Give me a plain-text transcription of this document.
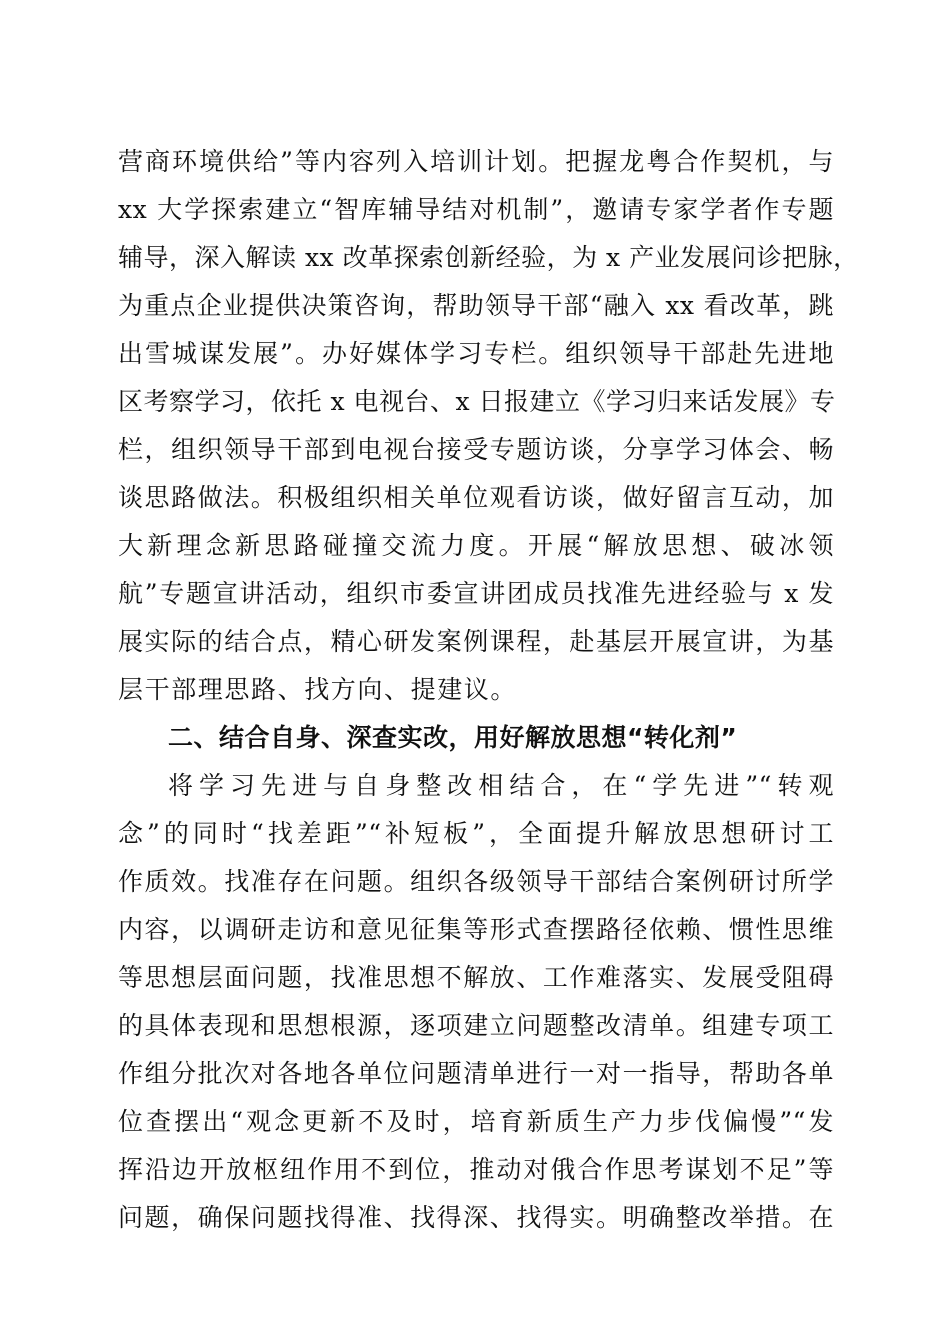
营商环境供给”等内容列入培训计划。把握龙粤合作契机，与
xx 大学探索建立“智库辅导结对机制”，邀请专家学者作专题
辅导，深入解读 xx 改革探索创新经验，为 x 产业发展问诊把脉，
为重点企业提供决策咨询，帮助领导干部“融入 xx 看改革，跳
出雪城谋发展”。办好媒体学习专栏。组织领导干部赴先进地
区考察学习，依托 x 电视台、x 日报建立《学习归来话发展》专
栏，组织领导干部到电视台接受专题访谈，分享学习体会、畅
谈思路做法。积极组织相关单位观看访谈，做好留言互动，加
大新理念新思路碰撞交流力度。开展“解放思想、破冰领
航”专题宣讲活动，组织市委宣讲团成员找准先进经验与 x 发
展实际的结合点，精心研发案例课程，赴基层开展宣讲，为基
层干部理思路、找方向、提建议。
二、结合自身、深查实改，用好解放思想“转化剂”
将学习先进与自身整改相结合，在“学先进”“转观
念”的同时“找差距”“补短板”，全面提升解放思想研讨工
作质效。找准存在问题。组织各级领导干部结合案例研讨所学
内容，以调研走访和意见征集等形式查摆路径依赖、惯性思维
等思想层面问题，找准思想不解放、工作难落实、发展受阻碍
的具体表现和思想根源，逐项建立问题整改清单。组建专项工
作组分批次对各地各单位问题清单进行一对一指导，帮助各单
位查摆出“观念更新不及时，培育新质生产力步伐偏慢”“发
挥沿边开放枢纽作用不到位，推动对俄合作思考谋划不足”等
问题，确保问题找得准、找得深、找得实。明确整改举措。在
